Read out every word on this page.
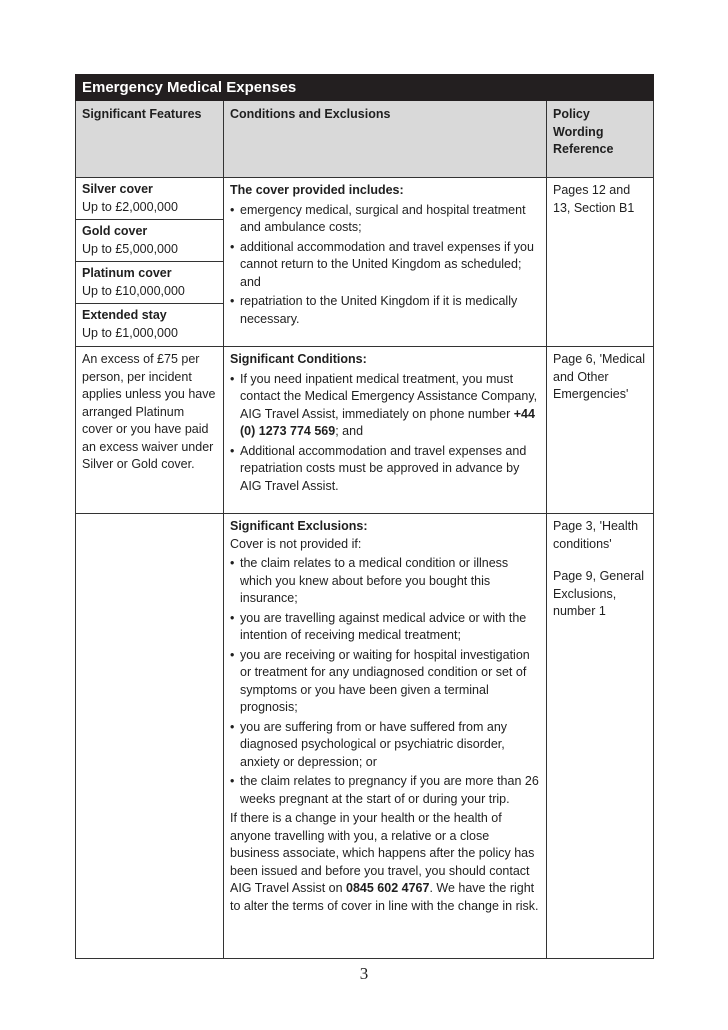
Emergency Medical Expenses
Significant Features	Conditions and Exclusions	Policy Wording Reference
Silver cover
Up to £2,000,000
Gold cover
Up to £5,000,000
Platinum cover
Up to £10,000,000
Extended stay
Up to £1,000,000
The cover provided includes:
• emergency medical, surgical and hospital treatment and ambulance costs;
• additional accommodation and travel expenses if you cannot return to the United Kingdom as scheduled; and
• repatriation to the United Kingdom if it is medically necessary.
Pages 12 and 13, Section B1
An excess of £75 per person, per incident applies unless you have arranged Platinum cover or you have paid an excess waiver under Silver or Gold cover.
Significant Conditions:
• If you need inpatient medical treatment, you must contact the Medical Emergency Assistance Company, AIG Travel Assist, immediately on phone number +44 (0) 1273 774 569; and
• Additional accommodation and travel expenses and repatriation costs must be approved in advance by AIG Travel Assist.
Page 6, 'Medical and Other Emergencies'
Significant Exclusions:
Cover is not provided if:
• the claim relates to a medical condition or illness which you knew about before you bought this insurance;
• you are travelling against medical advice or with the intention of receiving medical treatment;
• you are receiving or waiting for hospital investigation or treatment for any undiagnosed condition or set of symptoms or you have been given a terminal prognosis;
• you are suffering from or have suffered from any diagnosed psychological or psychiatric disorder, anxiety or depression; or
• the claim relates to pregnancy if you are more than 26 weeks pregnant at the start of or during your trip.

If there is a change in your health or the health of anyone travelling with you, a relative or a close business associate, which happens after the policy has been issued and before you travel, you should contact AIG Travel Assist on 0845 602 4767. We have the right to alter the terms of cover in line with the change in risk.

Page 3, 'Health conditions'
Page 9, General Exclusions, number 1
3
